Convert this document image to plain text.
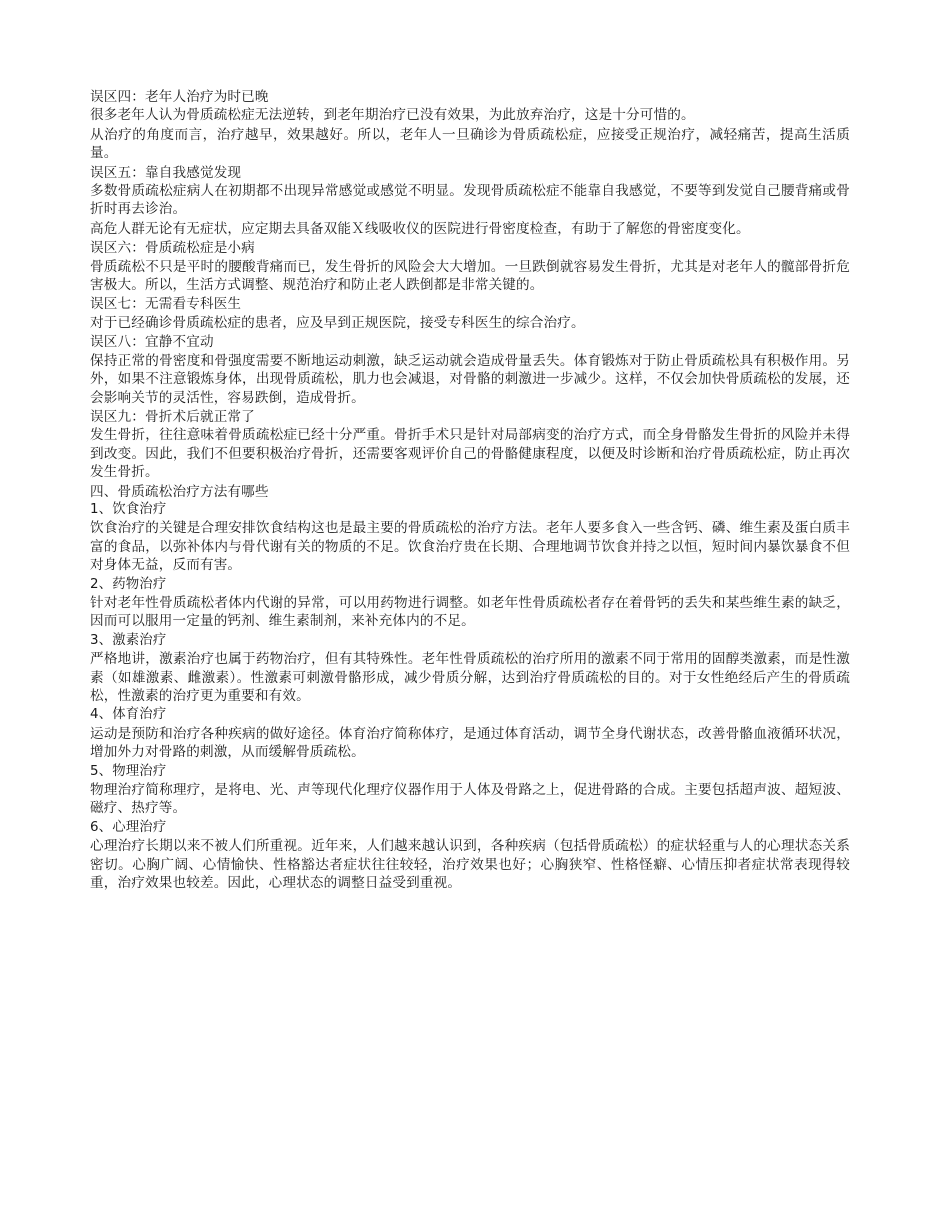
误区四：老年人治疗为时已晚

很多老年人认为骨质疏松症无法逆转，到老年期治疗已没有效果，为此放弃治疗，这是十分可惜的。

从治疗的角度而言，治疗越早，效果越好。所以，老年人一旦确诊为骨质疏松症，应接受正规治疗，减轻痛苦，提高生活质量。

误区五：靠自我感觉发现

多数骨质疏松症病人在初期都不出现异常感觉或感觉不明显。发现骨质疏松症不能靠自我感觉，不要等到发觉自己腰背痛或骨折时再去诊治。

高危人群无论有无症状，应定期去具备双能Ｘ线吸收仪的医院进行骨密度检查，有助于了解您的骨密度变化。

误区六：骨质疏松症是小病

骨质疏松不只是平时的腰酸背痛而已，发生骨折的风险会大大增加。一旦跌倒就容易发生骨折，尤其是对老年人的髋部骨折危害极大。所以，生活方式调整、规范治疗和防止老人跌倒都是非常关键的。

误区七：无需看专科医生

对于已经确诊骨质疏松症的患者，应及早到正规医院，接受专科医生的综合治疗。

误区八：宜静不宜动

保持正常的骨密度和骨强度需要不断地运动刺激，缺乏运动就会造成骨量丢失。体育锻炼对于防止骨质疏松具有积极作用。另外，如果不注意锻炼身体，出现骨质疏松，肌力也会减退，对骨骼的刺激进一步减少。这样，不仅会加快骨质疏松的发展，还会影响关节的灵活性，容易跌倒，造成骨折。

误区九：骨折术后就正常了

发生骨折，往往意味着骨质疏松症已经十分严重。骨折手术只是针对局部病变的治疗方式，而全身骨骼发生骨折的风险并未得到改变。因此，我们不但要积极治疗骨折，还需要客观评价自己的骨骼健康程度，以便及时诊断和治疗骨质疏松症，防止再次发生骨折。

四、骨质疏松治疗方法有哪些

1、饮食治疗

饮食治疗的关键是合理安排饮食结构这也是最主要的骨质疏松的治疗方法。老年人要多食入一些含钙、磷、维生素及蛋白质丰富的食品，以弥补体内与骨代谢有关的物质的不足。饮食治疗贵在长期、合理地调节饮食并持之以恒，短时间内暴饮暴食不但对身体无益，反而有害。

2、药物治疗

针对老年性骨质疏松者体内代谢的异常，可以用药物进行调整。如老年性骨质疏松者存在着骨钙的丢失和某些维生素的缺乏，因而可以服用一定量的钙剂、维生素制剂，来补充体内的不足。

3、激素治疗

严格地讲，激素治疗也属于药物治疗，但有其特殊性。老年性骨质疏松的治疗所用的激素不同于常用的固醇类激素，而是性激素（如雄激素、雌激素）。性激素可刺激骨骼形成，减少骨质分解，达到治疗骨质疏松的目的。对于女性绝经后产生的骨质疏松，性激素的治疗更为重要和有效。

4、体育治疗

运动是预防和治疗各种疾病的做好途径。体育治疗简称体疗，是通过体育活动，调节全身代谢状态，改善骨骼血液循环状况，增加外力对骨路的刺激，从而缓解骨质疏松。

5、物理治疗

物理治疗简称理疗，是将电、光、声等现代化理疗仪器作用于人体及骨路之上，促进骨路的合成。主要包括超声波、超短波、磁疗、热疗等。

6、心理治疗

心理治疗长期以来不被人们所重视。近年来，人们越来越认识到，各种疾病（包括骨质疏松）的症状轻重与人的心理状态关系密切。心胸广阔、心情愉快、性格豁达者症状往往较轻，治疗效果也好；心胸狭窄、性格怪癖、心情压抑者症状常表现得较重，治疗效果也较差。因此，心理状态的调整日益受到重视。
